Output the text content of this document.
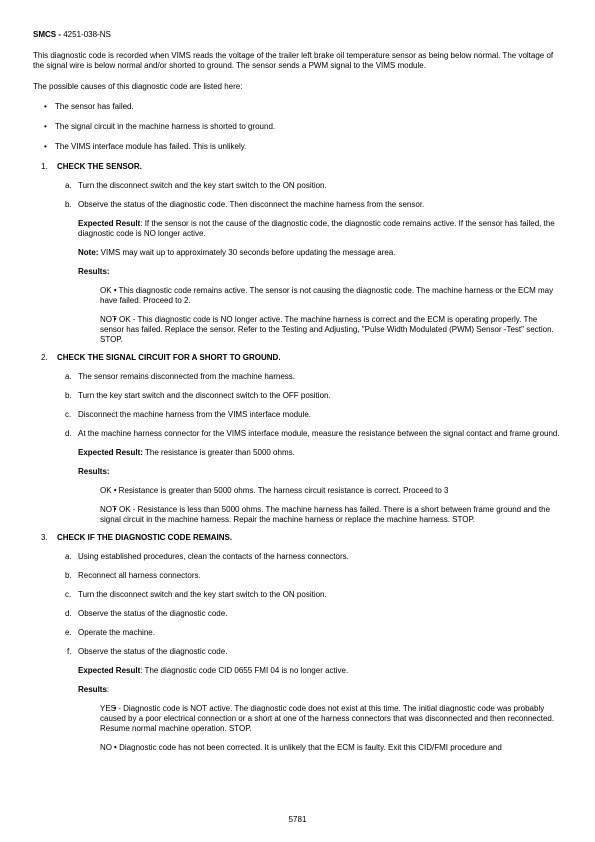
SMCS - 4251-038-NS

This diagnostic code is recorded when VIMS reads the voltage of the trailer left brake oil temperature sensor as being below normal. The voltage of the signal wire is below normal and/or shorted to ground. The sensor sends a PWM signal to the VIMS module.

The possible causes of this diagnostic code are listed here:

• The sensor has failed.
• The signal circuit in the machine harness is shorted to ground.
• The VIMS interface module has failed. This is unlikely.
1. CHECK THE SENSOR.

a. Turn the disconnect switch and the key start switch to the ON position.
b. Observe the status of the diagnostic code. Then disconnect the machine harness from the sensor.

Expected Result: If the sensor is not the cause of the diagnostic code, the diagnostic code remains active. If the sensor has failed, the diagnostic code is NO longer active.

Note: VIMS may wait up to approximately 30 seconds before updating the message area.

Results:

▪ OK - This diagnostic code remains active. The sensor is not causing the diagnostic code. The machine harness or the ECM may have failed. Proceed to 2.
▪ NOT OK - This diagnostic code is NO longer active. The machine harness is correct and the ECM is operating properly. The sensor has failed. Replace the sensor. Refer to the Testing and Adjusting, "Pulse Width Modulated (PWM) Sensor -Test" section. STOP.
2. CHECK THE SIGNAL CIRCUIT FOR A SHORT TO GROUND.

a. The sensor remains disconnected from the machine harness.
b. Turn the key start switch and the disconnect switch to the OFF position.
c. Disconnect the machine harness from the VIMS interface module.
d. At the machine harness connector for the VIMS interface module, measure the resistance between the signal contact and frame ground.

Expected Result: The resistance is greater than 5000 ohms.

Results:

▪ OK - Resistance is greater than 5000 ohms. The harness circuit resistance is correct. Proceed to 3
▪ NOT OK - Resistance is less than 5000 ohms. The machine harness has failed. There is a short between frame ground and the signal circuit in the machine harness. Repair the machine harness or replace the machine harness. STOP.
3. CHECK IF THE DIAGNOSTIC CODE REMAINS.

a. Using established procedures, clean the contacts of the harness connectors.
b. Reconnect all harness connectors.
c. Turn the disconnect switch and the key start switch to the ON position.
d. Observe the status of the diagnostic code.
e. Operate the machine.
f. Observe the status of the diagnostic code.

Expected Result: The diagnostic code CID 0655 FMI 04 is no longer active.

Results:

▪ YES - Diagnostic code is NOT active. The diagnostic code does not exist at this time. The initial diagnostic code was probably caused by a poor electrical connection or a short at one of the harness connectors that was disconnected and then reconnected. Resume normal machine operation. STOP.
▪ NO - Diagnostic code has not been corrected. It is unlikely that the ECM is faulty. Exit this CID/FMI procedure and
5781
